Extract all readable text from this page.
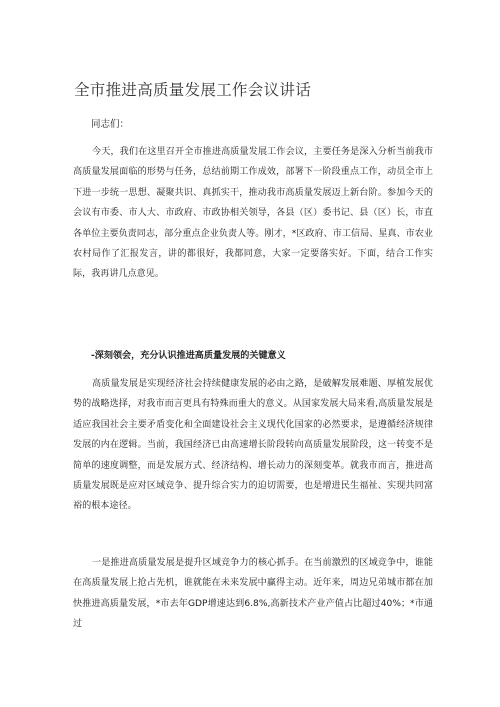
全市推进高质量发展工作会议讲话
同志们：

今天，我们在这里召开全市推进高质量发展工作会议，主要任务是深入分析当前我市高质量发展面临的形势与任务，总结前期工作成效，部署下一阶段重点工作，动员全市上下进一步统一思想、凝聚共识、真抓实干，推动我市高质量发展迈上新台阶。参加今天的会议有市委、市人大、市政府、市政协相关领导，各县（区）委书记、县（区）长，市直各单位主要负责同志，部分重点企业负责人等。刚才，*区政府、市工信局、星真、市农业农村局作了汇报发言，讲的都很好，我都同意，大家一定要落实好。下面，结合工作实际，我再讲几点意见。

-深刻领会，充分认识推进高质量发展的关键意义

高质量发展是实现经济社会持续健康发展的必由之路，是破解发展难题、厚植发展优势的战略选择，对我市而言更具有特殊而重大的意义。从国家发展大局来看,高质量发展是适应我国社会主要矛盾变化和全面建设社会主义现代化国家的必然要求，是遵循经济规律发展的内在逻辑。当前，我国经济已由高速增长阶段转向高质量发展阶段，这一转变不是简单的速度调整，而是发展方式、经济结构、增长动力的深刻变革。就我市而言，推进高质量发展既是应对区域竞争、提升综合实力的迫切需要，也是增进民生福祉、实现共同富裕的根本途径。

一是推进高质量发展是提升区域竞争力的核心抓手。在当前激烈的区域竞争中，谁能在高质量发展上抢占先机，谁就能在未来发展中赢得主动。近年来，周边兄弟城市都在加快推进高质量发展，*市去年GDP增速达到6.8%,高新技术产业产值占比超过40%；*市通过
